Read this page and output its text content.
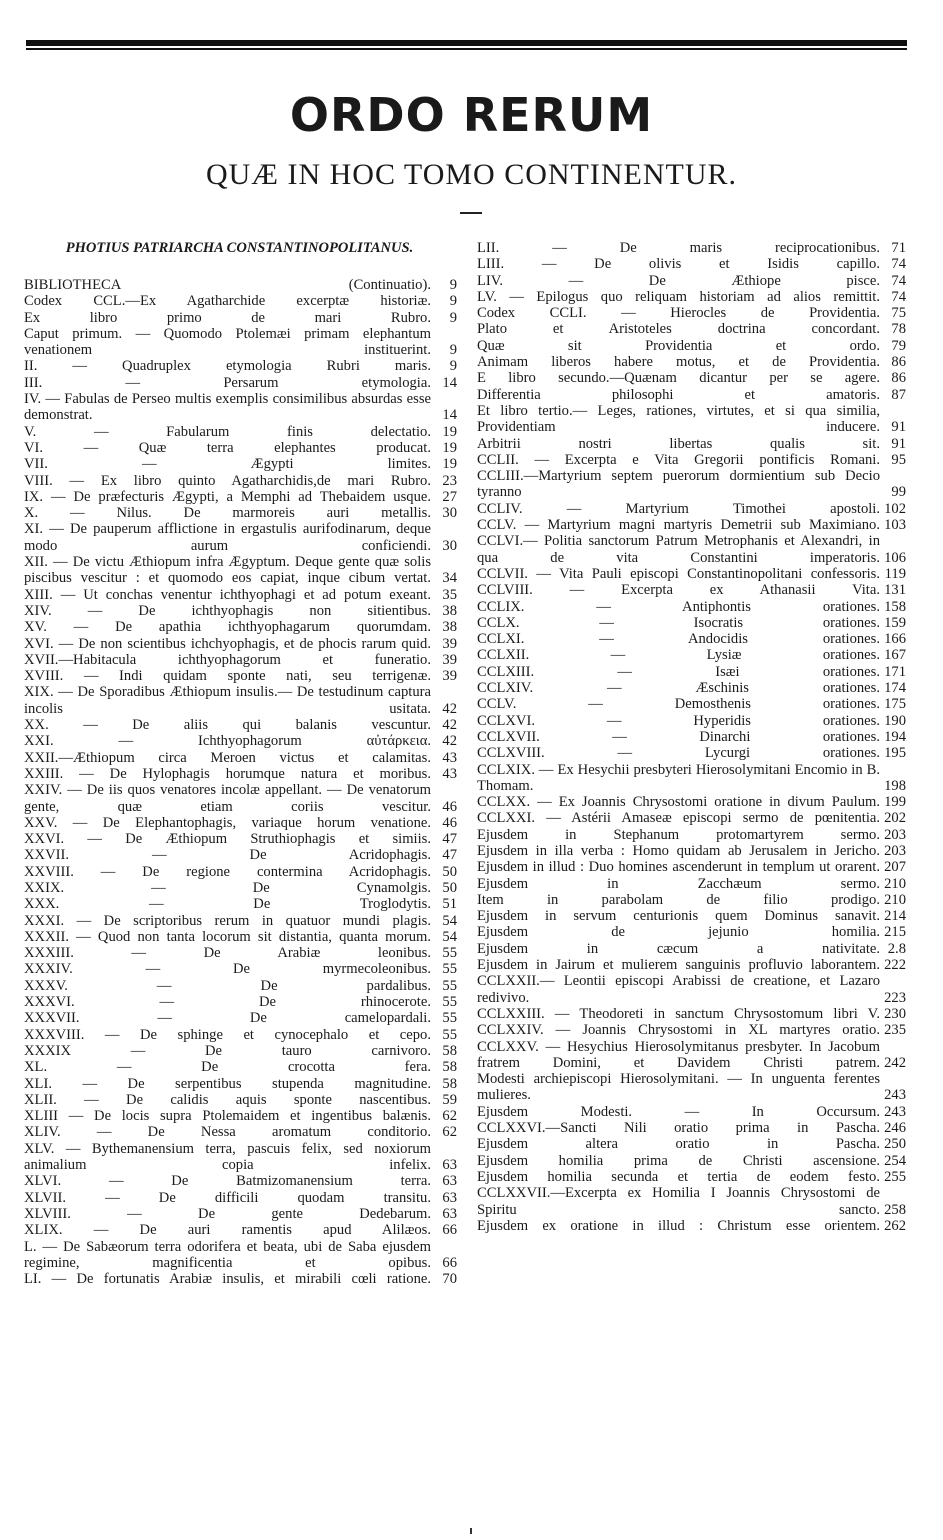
ORDO RERUM
QUÆ IN HOC TOMO CONTINENTUR.
PHOTIUS PATRIARCHA CONSTANTINOPOLITANUS.
BIBLIOTHECA (Continuatio).	9
Codex CCL.—Ex Agatharchide excerptæ historiæ.	9
Ex libro primo de mari Rubro.	9
Caput primum. — Quomodo Ptolemæi primam elephantum venationem instituerint.	9
II. — Quadruplex etymologia Rubri maris.	9
III. — Persarum etymologia. 14
IV. — Fabulas de Perseo multis exemplis consimilibus absurdas esse demonstrat.	14
V. — Fabularum finis delectatio. 19
VI. — Quæ terra elephantes producat. 19
VII. — Ægypti limites. 19
VIII. — Ex libro quinto Agatharchidis,de mari Rubro. 23
IX. — De præfecturis Ægypti, a Memphi ad Thebaidem usque. 27
X. — Nilus. De marmoreis auri metallis. 30
XI. — De pauperum afflictione in ergastulis aurifodinarum, deque modo aurum conficiendi. 30
XII. — De victu Æthiopum infra Ægyptum. Deque gente quæ solis piscibus vescitur : et quomodo eos capiat, inque cibum vertat. 34
XIII. — Ut conchas venentur ichthyophagi et ad potum exeant. 35
XIV. — De ichthyophagis non sitientibus. 38
XV. — De apathia ichthyophagarum quorumdam. 38
XVI. — De non scientibus ichchyophagis, et de phocis rarum quid. 39
XVII.—Habitacula ichthyophagorum et funeratio. 39
XVIII. — Indi quidam sponte nati, seu terrigenæ. 39
XIX. — De Sporadibus Æthiopum insulis.— De testudinum captura incolis usitata. 42
XX. — De aliis qui balanis vescuntur. 42
XXI. — Ichthyophagorum αὐτάρκεια. 42
XXII.—Æthiopum circa Meroen victus et calamitas. 43
XXIII. — De Hylophagis horumque natura et moribus. 43
XXIV. — De iis quos venatores incolæ appellant. — De venatorum gente, quæ etiam coriis vescitur. 46
XXV. — De Elephantophagis, variaque horum venatione. 46
XXVI. — De Æthiopum Struthiophagis et simiis. 47
XXVII. — De Acridophagis. 47
XXVIII. — De regione contermina Acridophagis. 50
XXIX. — De Cynamolgis. 50
XXX. — De Troglodytis. 51
XXXI. — De scriptoribus rerum in quatuor mundi plagis. 54
XXXII. — Quod non tanta locorum sit distantia, quanta morum. 54
XXXIII. — De Arabiæ leonibus. 55
XXXIV. — De myrmecoleonibus. 55
XXXV. — De pardalibus. 55
XXXVI. — De rhinocerote. 55
XXXVII. — De camelopardali. 55
XXXVIII. — De sphinge et cynocephalo et cepo. 55
XXXIX — De tauro carnivoro. 58
XL. — De crocotta fera. 58
XLI. — De serpentibus stupenda magnitudine. 58
XLII. — De calidis aquis sponte nascentibus. 59
XLIII — De locis supra Ptolemaidem et ingentibus balænis. 62
XLIV. — De Nessa aromatum conditorio. 62
XLV. — Bythemanensium terra, pascuis felix, sed noxiorum animalium copia infelix. 63
XLVI. — De Batmizomanensium terra. 63
XLVII. — De difficili quodam transitu. 63
XLVIII. — De gente Dedebarum. 63
XLIX. — De auri ramentis apud Alilæos. 66
L. — De Sabæorum terra odorifera et beata, ubi de Saba ejusdem regimine, magnificentia et opibus. 66
LI. — De fortunatis Arabiæ insulis, et mirabili cœli ratione. 70
LII. — De maris reciprocationibus. 71
LIII. — De olivis et Isidis capillo. 74
LIV. — De Æthiope pisce. 74
LV. — Epilogus quo reliquam historiam ad alios remittit. 74
Codex CCLI. — Hierocles de Providentia. 75
Plato et Aristoteles doctrina concordant. 78
Quæ sit Providentia et ordo. 79
Animam liberos habere motus, et de Providentia. 86
E libro secundo.—Quænam dicantur per se agere. 86
Differentia philosophi et amatoris. 87
Et libro tertio.— Leges, rationes, virtutes, et si qua similia, Providentiam inducere. 91
Arbitrii nostri libertas qualis sit. 91
CCLII. — Excerpta e Vita Gregorii pontificis Romani. 95
CCLIII.—Martyrium septem puerorum dormientium sub Decio tyranno	99
CCLIV. — Martyrium Timothei apostoli. 102
CCLV. — Martyrium magni martyris Demetrii sub Maximiano. 103
CCLVI.— Politia sanctorum Patrum Metrophanis et Alexandri, in qua de vita Constantini imperatoris. 106
CCLVII. — Vita Pauli episcopi Constantinopolitani confessoris. 119
CCLVIII. — Excerpta ex Athanasii Vita. 131
CCLIX. — Antiphontis orationes. 158
CCLX. — Isocratis orationes. 159
CCLXI. — Andocidis orationes. 166
CCLXII. — Lysiæ orationes. 167
CCLXIII. — Isæi orationes. 171
CCLXIV. — Æschinis orationes. 174
CCLV. — Demosthenis orationes. 175
CCLXVI. — Hyperidis orationes. 190
CCLXVII. — Dinarchi orationes. 194
CCLXVIII. — Lycurgi orationes. 195
CCLXIX. — Ex Hesychii presbyteri Hierosolymitani Encomio in B. Thomam.	198
CCLXX. — Ex Joannis Chrysostomi oratione in divum Paulum. 199
CCLXXI. — Astérii Amaseæ episcopi sermo de pœnitentia. 202
Ejusdem in Stephanum protomartyrem sermo. 203
Ejusdem in illa verba : Homo quidam ab Jerusalem in Jericho. 203
Ejusdem in illud : Duo homines ascenderunt in templum ut orarent. 207
Ejusdem in Zacchæum sermo. 210
Item in parabolam de filio prodigo. 210
Ejusdem in servum centurionis quem Dominus sanavit. 214
Ejusdem de jejunio homilia. 215
Ejusdem in cæcum a nativitate. 2.8
Ejusdem in Jairum et mulierem sanguinis profluvio laborantem. 222
CCLXXII.— Leontii episcopi Arabissi de creatione, et Lazaro redivivo.	223
CCLXXIII. — Theodoreti in sanctum Chrysostomum libri V. 230
CCLXXIV. — Joannis Chrysostomi in XL martyres oratio. 235
CCLXXV. — Hesychius Hierosolymitanus presbyter. In Jacobum fratrem Domini, et Davidem Christi patrem. 242
Modesti archiepiscopi Hierosolymitani. — In unguenta ferentes mulieres.	243
Ejusdem Modesti. — In Occursum. 243
CCLXXVI.—Sancti Nili oratio prima in Pascha. 246
Ejusdem altera oratio in Pascha. 250
Ejusdem homilia prima de Christi ascensione. 254
Ejusdem homilia secunda et tertia de eodem festo. 255
CCLXXVII.—Excerpta ex Homilia I Joannis Chrysostomi de Spiritu sancto. 258
Ejusdem ex oratione in illud : Christum esse orientem. 262
